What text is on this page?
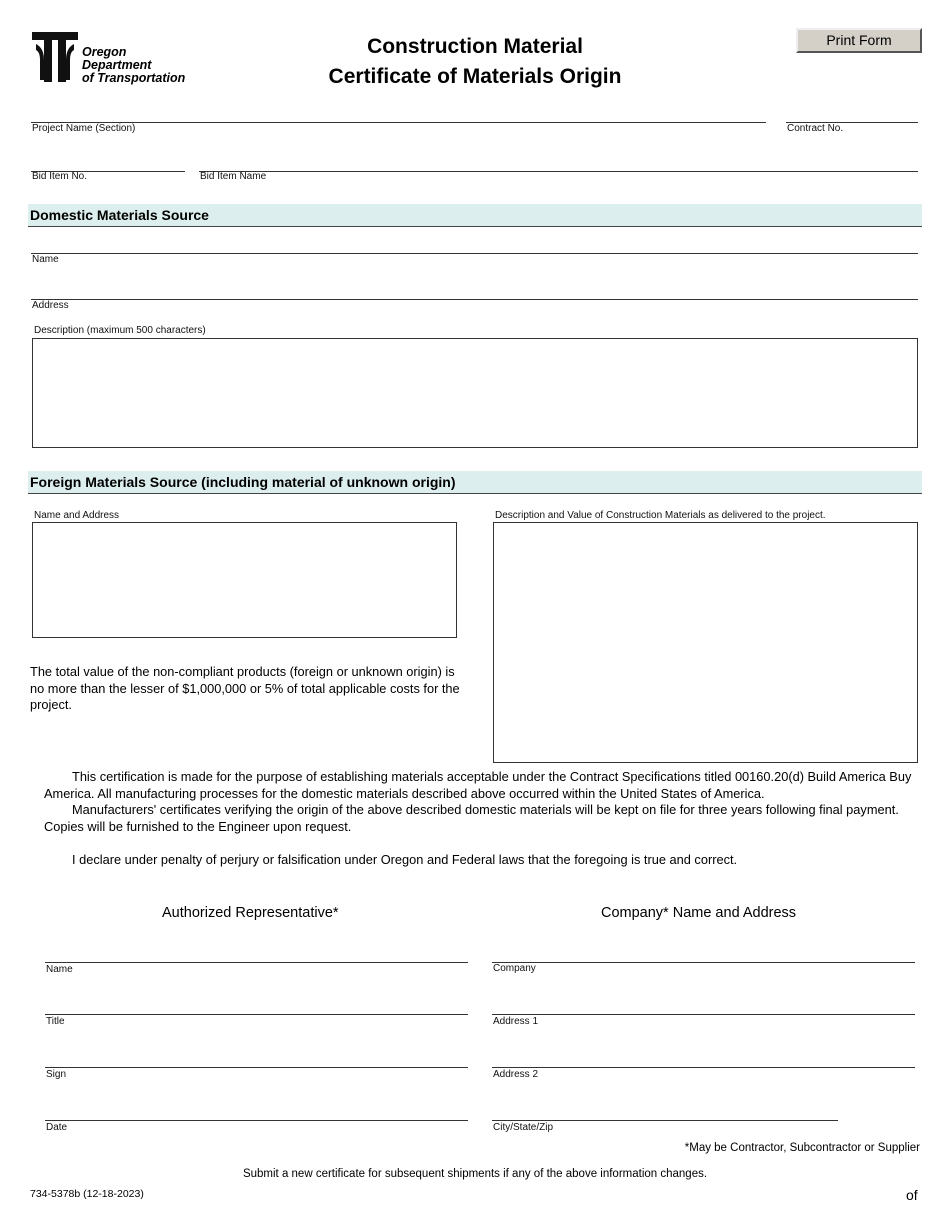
Oregon
Department
of Transportation
Construction Material
Certificate of Materials Origin
Print Form
Project Name (Section)	Contract No.
Bid Item No.	Bid Item Name
Domestic Materials Source
Name
Address
Description (maximum 500 characters)
Foreign Materials Source (including material of unknown origin)
Name and Address	Description and Value of Construction Materials as delivered to the project.
The total value of the non-compliant products (foreign or unknown origin) is no more than the lesser of $1,000,000 or 5% of total applicable costs for the project.
This certification is made for the purpose of establishing materials acceptable under the Contract Specifications titled 00160.20(d) Build America Buy America. All manufacturing processes for the domestic materials described above occurred within the United States of America.
Manufacturers' certificates verifying the origin of the above described domestic materials will be kept on file for three years following final payment. Copies will be furnished to the Engineer upon request.
I declare under penalty of perjury or falsification under Oregon and Federal laws that the foregoing is true and correct.
Authorized Representative*	Company* Name and Address
Name
Title
Sign
Date
Company
Address 1
Address 2
City/State/Zip
*May be Contractor, Subcontractor or Supplier
Submit a new certificate for subsequent shipments if any of the above information changes.
734-5378b (12-18-2023)	of
